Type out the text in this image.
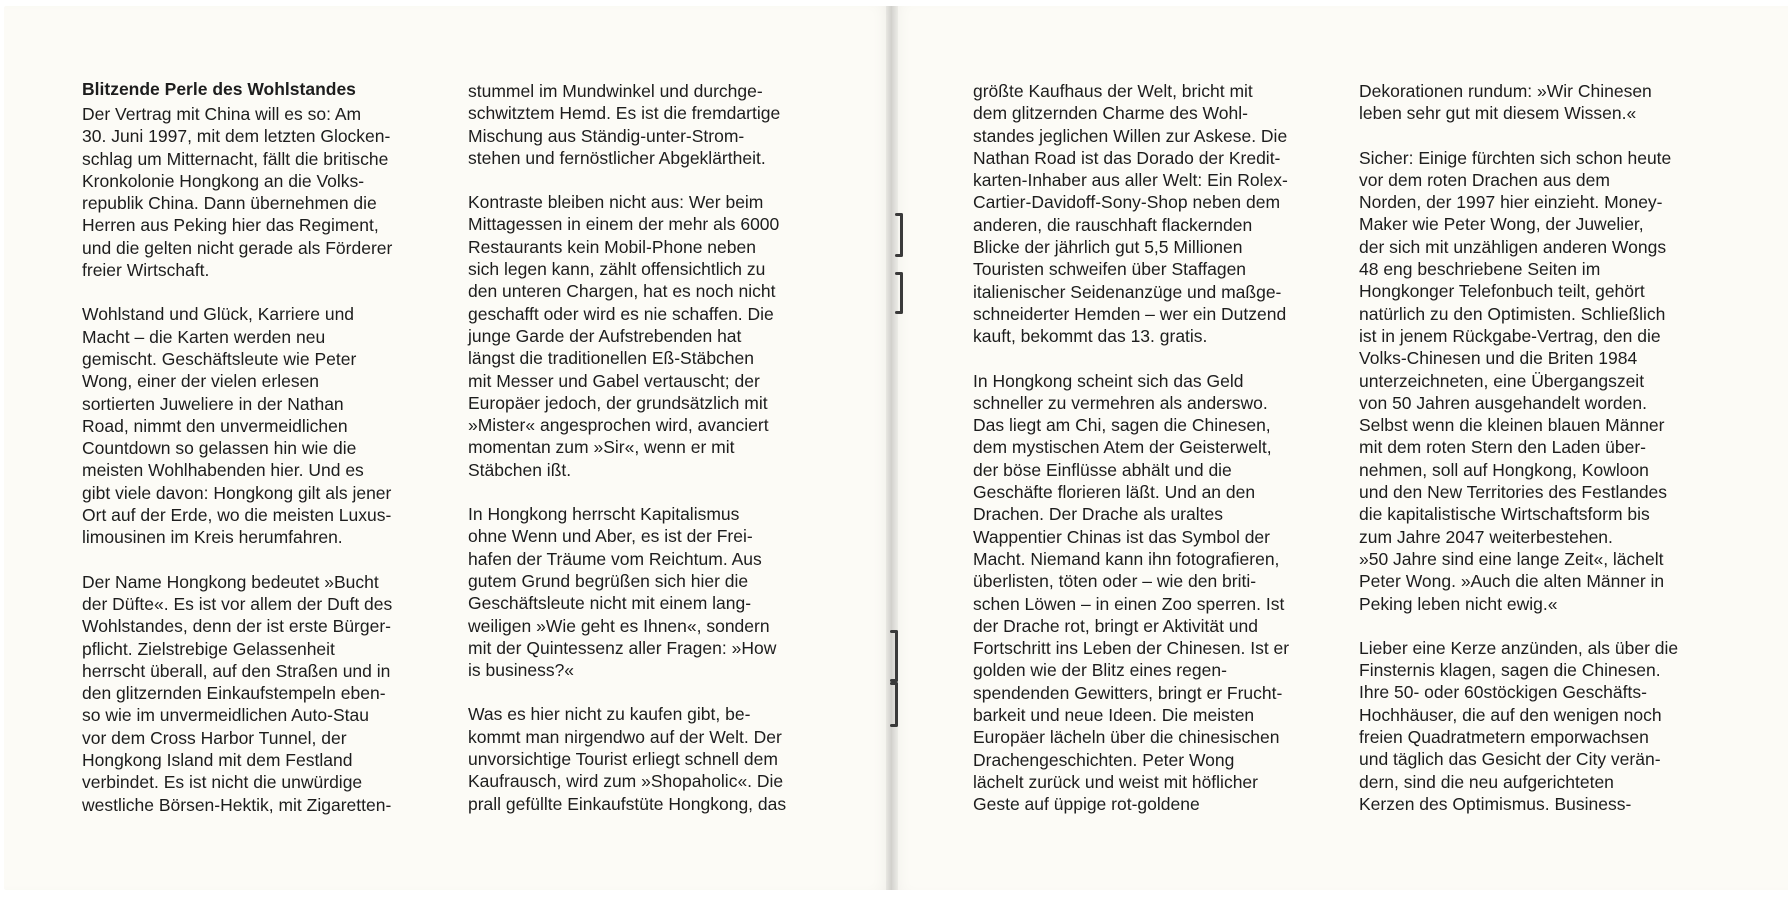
Blitzende Perle des Wohlstandes
Der Vertrag mit China will es so: Am
30. Juni 1997, mit dem letzten Glocken-
schlag um Mitternacht, fällt die britische
Kronkolonie Hongkong an die Volks-
republik China. Dann übernehmen die
Herren aus Peking hier das Regiment,
und die gelten nicht gerade als Förderer
freier Wirtschaft.
Wohlstand und Glück, Karriere und
Macht – die Karten werden neu
gemischt. Geschäftsleute wie Peter
Wong, einer der vielen erlesen
sortierten Juweliere in der Nathan
Road, nimmt den unvermeidlichen
Countdown so gelassen hin wie die
meisten Wohlhabenden hier. Und es
gibt viele davon: Hongkong gilt als jener
Ort auf der Erde, wo die meisten Luxus-
limousinen im Kreis herumfahren.
Der Name Hongkong bedeutet »Bucht
der Düfte«. Es ist vor allem der Duft des
Wohlstandes, denn der ist erste Bürger-
pflicht. Zielstrebige Gelassenheit
herrscht überall, auf den Straßen und in
den glitzernden Einkaufstempeln eben-
so wie im unvermeidlichen Auto-Stau
vor dem Cross Harbor Tunnel, der
Hongkong Island mit dem Festland
verbindet. Es ist nicht die unwürdige
westliche Börsen-Hektik, mit Zigaretten-
stummel im Mundwinkel und durchge-
schwitztem Hemd. Es ist die fremdartige
Mischung aus Ständig-unter-Strom-
stehen und fernöstlicher Abgeklärtheit.
Kontraste bleiben nicht aus: Wer beim
Mittagessen in einem der mehr als 6000
Restaurants kein Mobil-Phone neben
sich legen kann, zählt offensichtlich zu
den unteren Chargen, hat es noch nicht
geschafft oder wird es nie schaffen. Die
junge Garde der Aufstrebenden hat
längst die traditionellen Eß-Stäbchen
mit Messer und Gabel vertauscht; der
Europäer jedoch, der grundsätzlich mit
»Mister« angesprochen wird, avanciert
momentan zum »Sir«, wenn er mit
Stäbchen ißt.
In Hongkong herrscht Kapitalismus
ohne Wenn und Aber, es ist der Frei-
hafen der Träume vom Reichtum. Aus
gutem Grund begrüßen sich hier die
Geschäftsleute nicht mit einem lang-
weiligen »Wie geht es Ihnen«, sondern
mit der Quintessenz aller Fragen: »How
is business?«
Was es hier nicht zu kaufen gibt, be-
kommt man nirgendwo auf der Welt. Der
unvorsichtige Tourist erliegt schnell dem
Kaufrausch, wird zum »Shopaholic«. Die
prall gefüllte Einkaufstüte Hongkong, das
größte Kaufhaus der Welt, bricht mit
dem glitzernden Charme des Wohl-
standes jeglichen Willen zur Askese. Die
Nathan Road ist das Dorado der Kredit-
karten-Inhaber aus aller Welt: Ein Rolex-
Cartier-Davidoff-Sony-Shop neben dem
anderen, die rauschhaft flackernden
Blicke der jährlich gut 5,5 Millionen
Touristen schweifen über Staffagen
italienischer Seidenanzüge und maßge-
schneiderter Hemden – wer ein Dutzend
kauft, bekommt das 13. gratis.
In Hongkong scheint sich das Geld
schneller zu vermehren als anderswo.
Das liegt am Chi, sagen die Chinesen,
dem mystischen Atem der Geisterwelt,
der böse Einflüsse abhält und die
Geschäfte florieren läßt. Und an den
Drachen. Der Drache als uraltes
Wappentier Chinas ist das Symbol der
Macht. Niemand kann ihn fotografieren,
überlisten, töten oder – wie den briti-
schen Löwen – in einen Zoo sperren. Ist
der Drache rot, bringt er Aktivität und
Fortschritt ins Leben der Chinesen. Ist er
golden wie der Blitz eines regen-
spendenden Gewitters, bringt er Frucht-
barkeit und neue Ideen. Die meisten
Europäer lächeln über die chinesischen
Drachengeschichten. Peter Wong
lächelt zurück und weist mit höflicher
Geste auf üppige rot-goldene
Dekorationen rundum: »Wir Chinesen
leben sehr gut mit diesem Wissen.«
Sicher: Einige fürchten sich schon heute
vor dem roten Drachen aus dem
Norden, der 1997 hier einzieht. Money-
Maker wie Peter Wong, der Juwelier,
der sich mit unzähligen anderen Wongs
48 eng beschriebene Seiten im
Hongkonger Telefonbuch teilt, gehört
natürlich zu den Optimisten. Schließlich
ist in jenem Rückgabe-Vertrag, den die
Volks-Chinesen und die Briten 1984
unterzeichneten, eine Übergangszeit
von 50 Jahren ausgehandelt worden.
Selbst wenn die kleinen blauen Männer
mit dem roten Stern den Laden über-
nehmen, soll auf Hongkong, Kowloon
und den New Territories des Festlandes
die kapitalistische Wirtschaftsform bis
zum Jahre 2047 weiterbestehen.
»50 Jahre sind eine lange Zeit«, lächelt
Peter Wong. »Auch die alten Männer in
Peking leben nicht ewig.«
Lieber eine Kerze anzünden, als über die
Finsternis klagen, sagen die Chinesen.
Ihre 50- oder 60stöckigen Geschäfts-
Hochhäuser, die auf den wenigen noch
freien Quadratmetern emporwachsen
und täglich das Gesicht der City verän-
dern, sind die neu aufgerichteten
Kerzen des Optimismus. Business-
